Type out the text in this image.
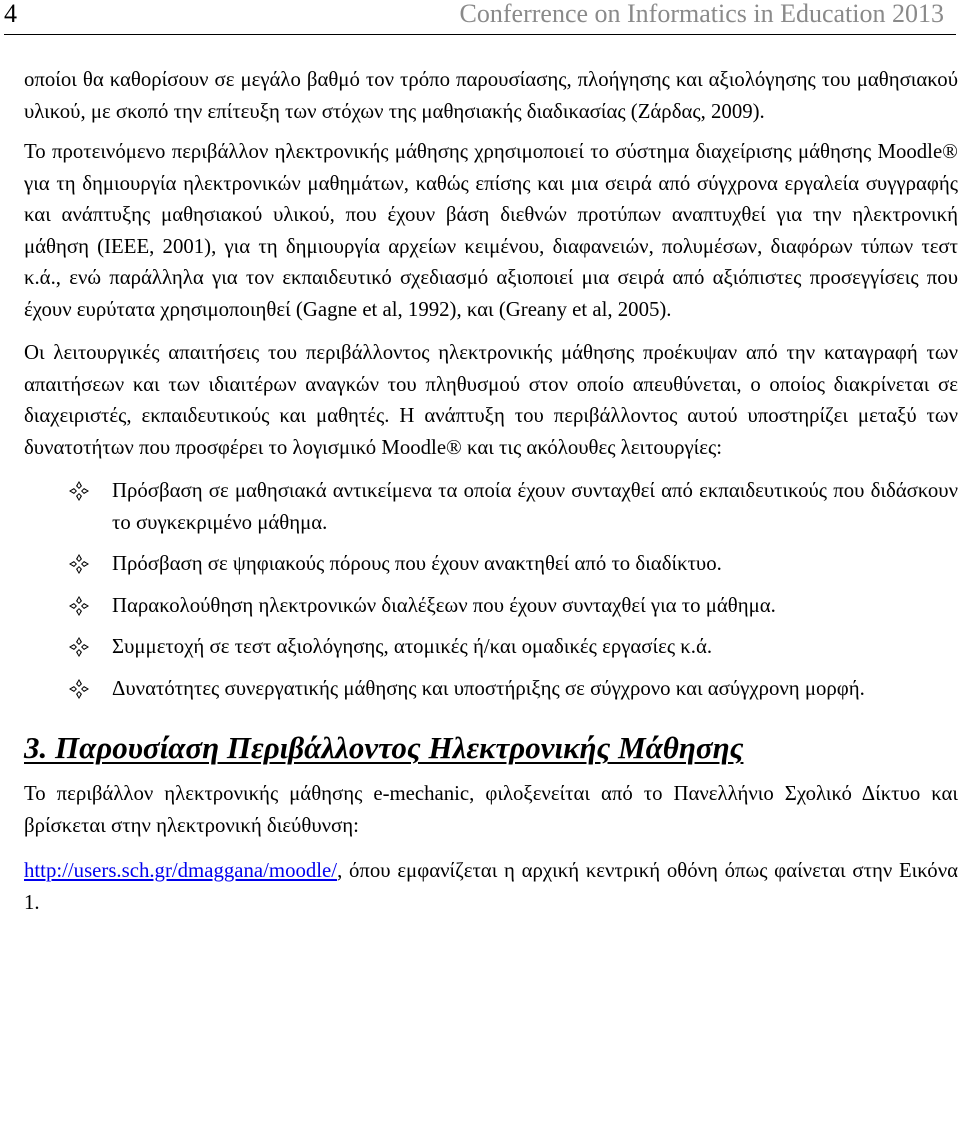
4	Conferrence on Informatics in Education 2013

οποίοι θα καθορίσουν σε μεγάλο βαθμό τον τρόπο παρουσίασης, πλοήγησης και αξιολόγησης του μαθησιακού υλικού, με σκοπό την επίτευξη των στόχων της μαθησιακής διαδικασίας (Ζάρδας, 2009).

Το προτεινόμενο περιβάλλον ηλεκτρονικής μάθησης χρησιμοποιεί το σύστημα διαχείρισης μάθησης Moodle® για τη δημιουργία ηλεκτρονικών μαθημάτων, καθώς επίσης και μια σειρά από σύγχρονα εργαλεία συγγραφής και ανάπτυξης μαθησιακού υλικού, που έχουν βάση διεθνών προτύπων αναπτυχθεί για την ηλεκτρονική μάθηση (IEEE, 2001), για τη δημιουργία αρχείων κειμένου, διαφανειών, πολυμέσων, διαφόρων τύπων τεστ κ.ά., ενώ παράλληλα για τον εκπαιδευτικό σχεδιασμό αξιοποιεί μια σειρά από αξιόπιστες προσεγγίσεις που έχουν ευρύτατα χρησιμοποιηθεί (Gagne et al, 1992), και (Greany et al, 2005).

Οι λειτουργικές απαιτήσεις του περιβάλλοντος ηλεκτρονικής μάθησης προέκυψαν από την καταγραφή των απαιτήσεων και των ιδιαιτέρων αναγκών του πληθυσμού στον οποίο απευθύνεται, ο οποίος διακρίνεται σε διαχειριστές, εκπαιδευτικούς και μαθητές. Η ανάπτυξη του περιβάλλοντος αυτού υποστηρίζει μεταξύ των δυνατοτήτων που προσφέρει το λογισμικό Moodle® και τις ακόλουθες λειτουργίες:

Πρόσβαση σε μαθησιακά αντικείμενα τα οποία έχουν συνταχθεί από εκπαιδευτικούς που διδάσκουν το συγκεκριμένο μάθημα.
Πρόσβαση σε ψηφιακούς πόρους που έχουν ανακτηθεί από το διαδίκτυο.
Παρακολούθηση ηλεκτρονικών διαλέξεων που έχουν συνταχθεί για το μάθημα.
Συμμετοχή σε τεστ αξιολόγησης, ατομικές ή/και ομαδικές εργασίες κ.ά.
Δυνατότητες συνεργατικής μάθησης και υποστήριξης σε σύγχρονο και ασύγχρονη μορφή.
3. Παρουσίαση Περιβάλλοντος Ηλεκτρονικής Μάθησης

Το περιβάλλον ηλεκτρονικής μάθησης e-mechanic, φιλοξενείται από το Πανελλήνιο Σχολικό Δίκτυο και βρίσκεται στην ηλεκτρονική διεύθυνση:

http://users.sch.gr/dmaggana/moodle/, όπου εμφανίζεται η αρχική κεντρική οθόνη όπως φαίνεται στην Εικόνα 1.
